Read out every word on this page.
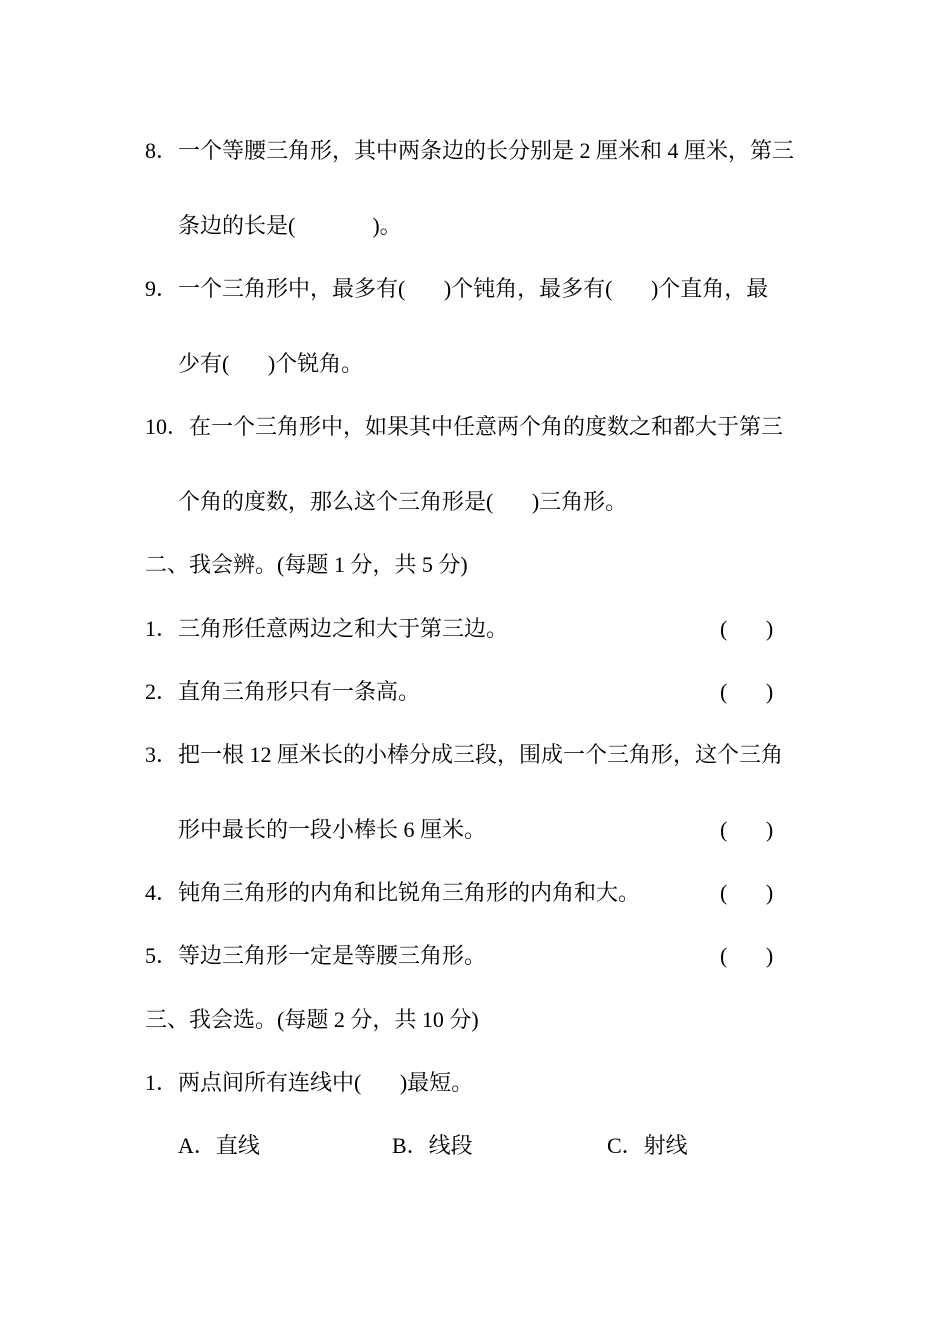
8．一个等腰三角形，其中两条边的长分别是 2 厘米和 4 厘米，第三
条边的长是(              )。
9．一个三角形中，最多有(       )个钝角，最多有(       )个直角，最
少有(       )个锐角。
10．在一个三角形中，如果其中任意两个角的度数之和都大于第三
个角的度数，那么这个三角形是(       )三角形。
二、我会辨。(每题 1 分，共 5 分)
1．三角形任意两边之和大于第三边。	(       )
2．直角三角形只有一条高。	(       )
3．把一根 12 厘米长的小棒分成三段，围成一个三角形，这个三角
形中最长的一段小棒长 6 厘米。	(       )
4．钝角三角形的内角和比锐角三角形的内角和大。	(       )
5．等边三角形一定是等腰三角形。	(       )
三、我会选。(每题 2 分，共 10 分)
1．两点间所有连线中(       )最短。
A．直线	B．线段	C．射线
